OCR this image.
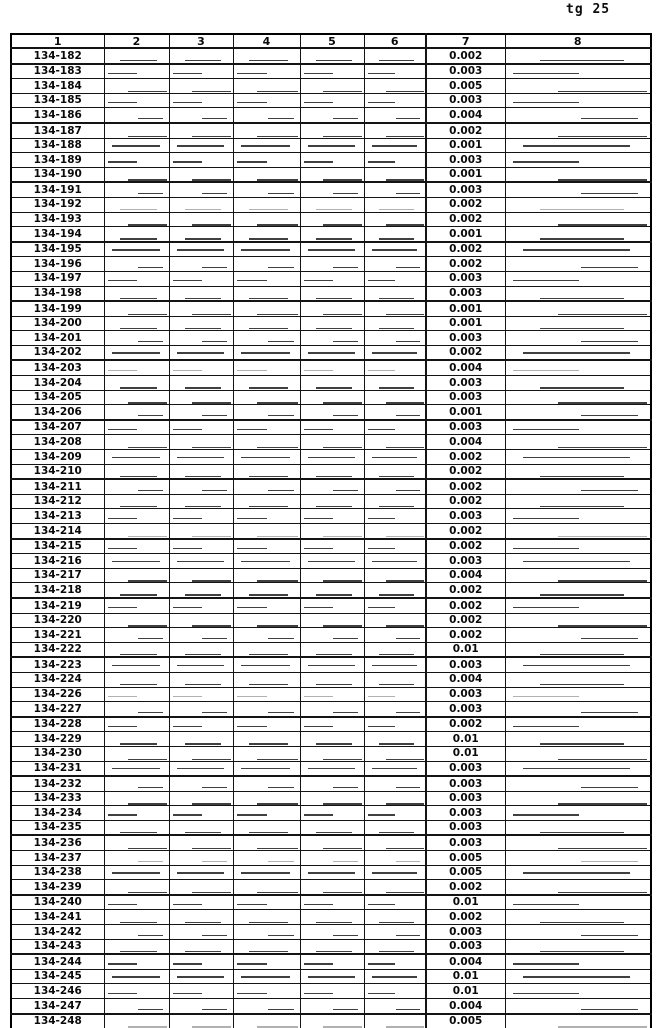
tg 25
1	2	3	4	5	6	7	8
134-182						0.002	
134-183						0.003	
134-184						0.005	
134-185						0.003	
134-186						0.004	
134-187						0.002	
134-188						0.001	
134-189						0.003	
134-190						0.001	
134-191						0.003	
134-192						0.002	
134-193						0.002	
134-194						0.001	
134-195						0.002	
134-196						0.002	
134-197						0.003	
134-198						0.003	
134-199						0.001	
134-200						0.001	
134-201						0.003	
134-202						0.002	
134-203						0.004	
134-204						0.003	
134-205						0.003	
134-206						0.001	
134-207						0.003	
134-208						0.004	
134-209						0.002	
134-210						0.002	
134-211						0.002	
134-212						0.002	
134-213						0.003	
134-214						0.002	
134-215						0.002	
134-216						0.003	
134-217						0.004	
134-218						0.002	
134-219						0.002	
134-220						0.002	
134-221						0.002	
134-222						0.01	
134-223						0.003	
134-224						0.004	
134-226						0.003	
134-227						0.003	
134-228						0.002	
134-229						0.01	
134-230						0.01	
134-231						0.003	
134-232						0.003	
134-233						0.003	
134-234						0.003	
134-235						0.003	
134-236						0.003	
134-237						0.005	
134-238						0.005	
134-239						0.002	
134-240						0.01	
134-241						0.002	
134-242						0.003	
134-243						0.003	
134-244						0.004	
134-245						0.01	
134-246						0.01	
134-247						0.004	
134-248						0.005	
